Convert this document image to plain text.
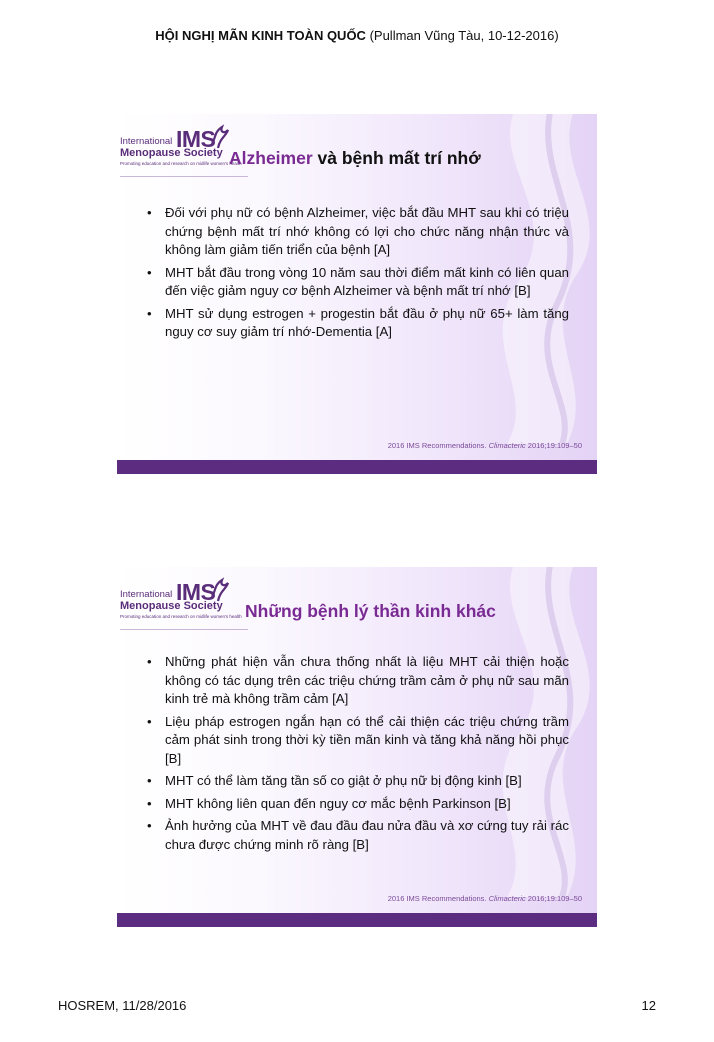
HỘI NGHỊ MÃN KINH TOÀN QUỐC (Pullman Vũng Tàu, 10-12-2016)
International
Menopause Society
Promoting education and research on midlife women's health
IMS
Alzheimer và bệnh mất trí nhớ
• Đối với phụ nữ có bệnh Alzheimer, việc bắt đầu MHT sau khi có triệu chứng bệnh mất trí nhớ không có lợi cho chức năng nhận thức và không làm giảm tiến triển của bệnh [A]
• MHT bắt đầu trong vòng 10 năm sau thời điểm mất kinh có liên quan đến việc giảm nguy cơ bệnh Alzheimer và bệnh mất trí nhớ [B]
• MHT sử dụng estrogen + progestin bắt đầu ở phụ nữ 65+ làm tăng nguy cơ suy giảm trí nhớ-Dementia [A]
2016 IMS Recommendations. Climacteric 2016;19:109–50
International
Menopause Society
Promoting education and research on midlife women's health
IMS
Những bệnh lý thần kinh khác
• Những phát hiện vẫn chưa thống nhất là liệu MHT cải thiện hoặc không có tác dụng trên các triệu chứng trầm cảm ở phụ nữ sau mãn kinh trẻ mà không trầm cảm [A]
• Liệu pháp estrogen ngắn hạn có thể cải thiện các triệu chứng trầm cảm phát sinh trong thời kỳ tiền mãn kinh và tăng khả năng hồi phục [B]
• MHT có thể làm tăng tần số co giật ở phụ nữ bị động kinh [B]
• MHT không liên quan đến nguy cơ mắc bệnh Parkinson [B]
• Ảnh hưởng của MHT về đau đầu đau nửa đầu và xơ cứng tuy rải rác chưa được chứng minh rõ ràng [B]
2016 IMS Recommendations. Climacteric 2016;19:109–50
HOSREM, 11/28/2016	12
